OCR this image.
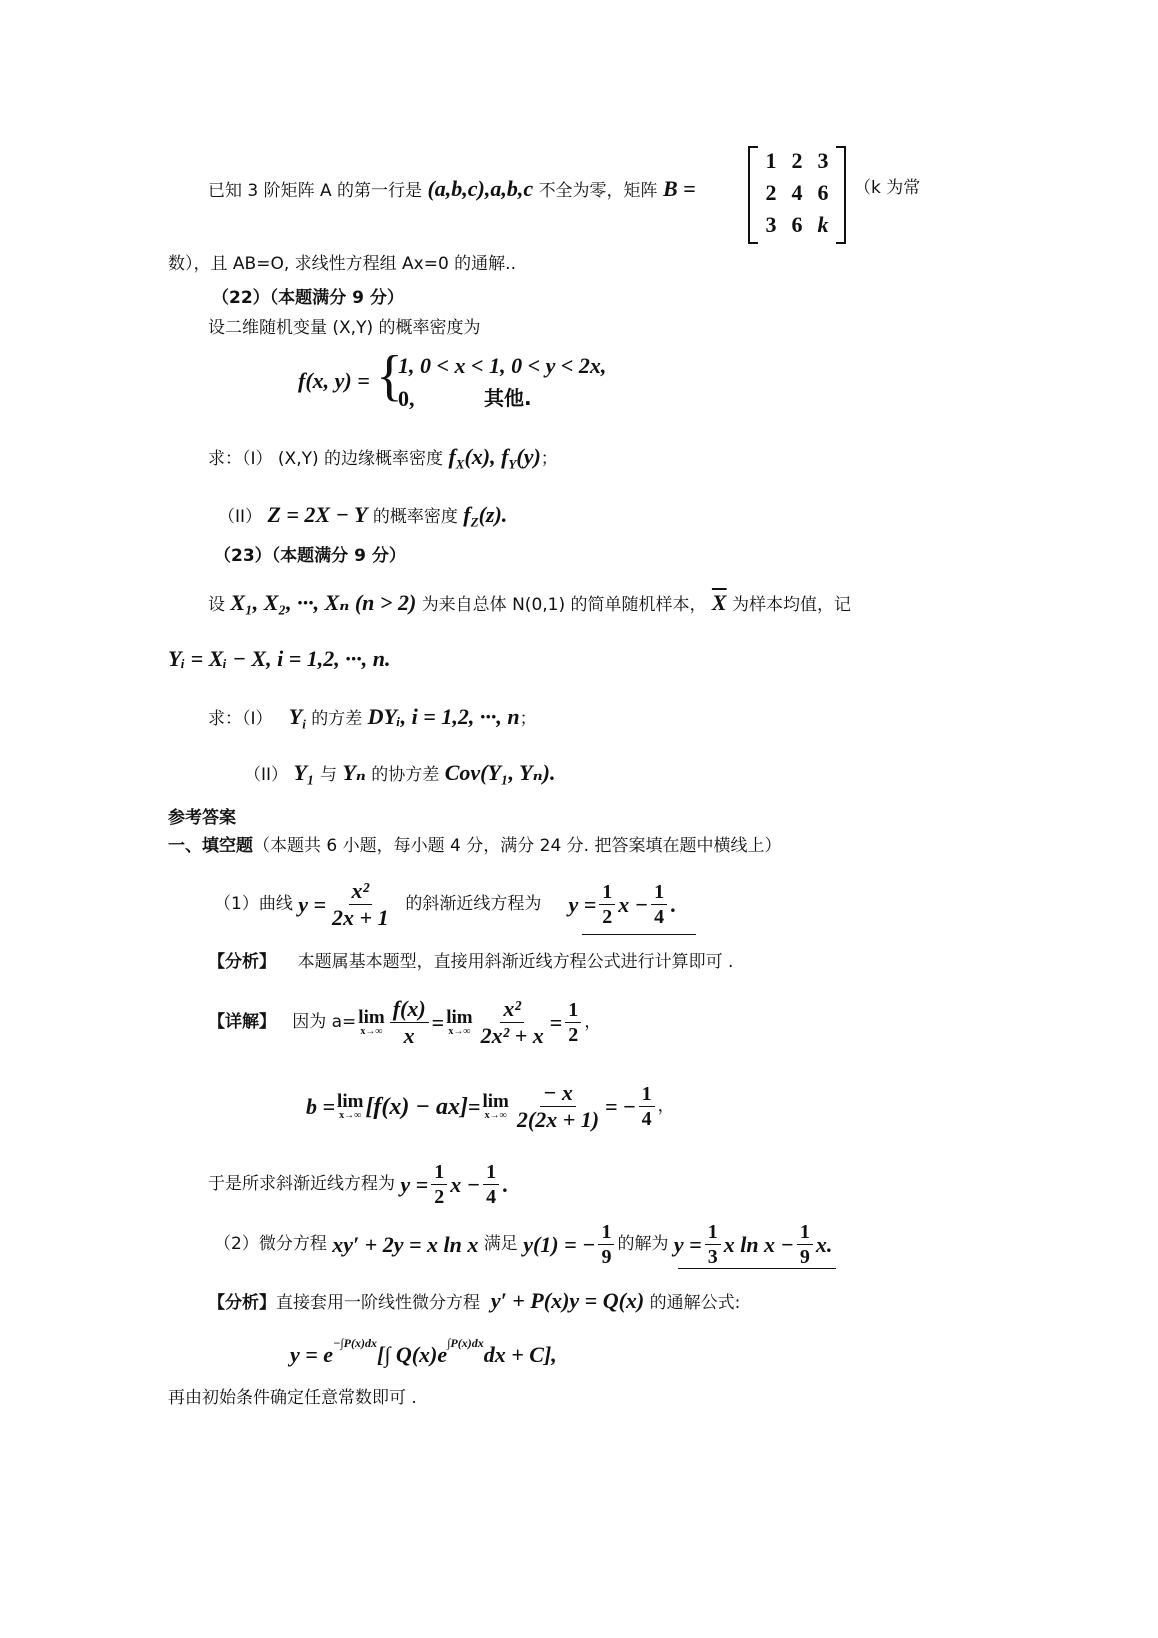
已知 3 阶矩阵 A 的第一行是 (a,b,c),a,b,c 不全为零，矩阵 B =
1 2 3
2 4 6
3 6 k
（k 为常
数），且 AB=O, 求线性方程组 Ax=0 的通解..
（22）（本题满分 9 分）
设二维随机变量 (X,Y) 的概率密度为
f(x, y) = {
1, 0 < x < 1, 0 < y < 2x,
0,	其他.
求：（I） (X,Y) 的边缘概率密度 $f_X(x)$, $f_Y(y)$；
（II） Z = 2X − Y 的概率密度 $f_Z(z)$.
（23）（本题满分 9 分）
设 X₁, X₂, ···, Xₙ (n > 2) 为来自总体 N(0,1) 的简单随机样本， $\overline{X}$ 为样本均值，记
Yᵢ = Xᵢ − X, i = 1,2, ···, n.
求：（I） $Y_i$ 的方差 DYᵢ, i = 1,2, ···, n；
（II） Y₁ 与 Yₙ 的协方差 Cov(Y₁, Yₙ).
参考答案
一、填空题（本题共 6 小题，每小题 4 分，满分 24 分. 把答案填在题中横线上）
（1）曲线
$y = \frac{\text{x²}}{2x + 1}$
的斜渐近线方程为
$y = \frac{1}{2}$ $x - \frac{1}{4}$ .
【分析】 本题属基本题型，直接用斜渐近线方程公式进行计算即可 .
【详解】
因为 a= lim
$x\to\infty \frac{f(x)}{x} = \lim$
$x\to\infty \frac{\text{x²}}{\text{2x² + x}} = \frac{1}{2}$ ，
b = lim
x→∞ [f(x) − ax] = lim
$x\to\infty \frac{- x}{2(2x + 1)}$ = − $\frac{1}{4}$ ，
于是所求斜渐近线方程为
$y = \frac{1}{2}$ $x - \frac{1}{4}$ .
（2）微分方程
xy′ + 2y = x ln x
满足
y(1) = − $\frac{1}{9}$ 的解为
$y = \frac{1}{3}$ x $\ln x - \frac{1}{9} x$.
【分析】直接套用一阶线性微分方程 y′ + P(x)y = Q(x) 的通解公式:
$y = e^{-\int P(x)dx}[\int$ $Q(x)e^{\int P(x)dx}dx + C$],
再由初始条件确定任意常数即可 .
